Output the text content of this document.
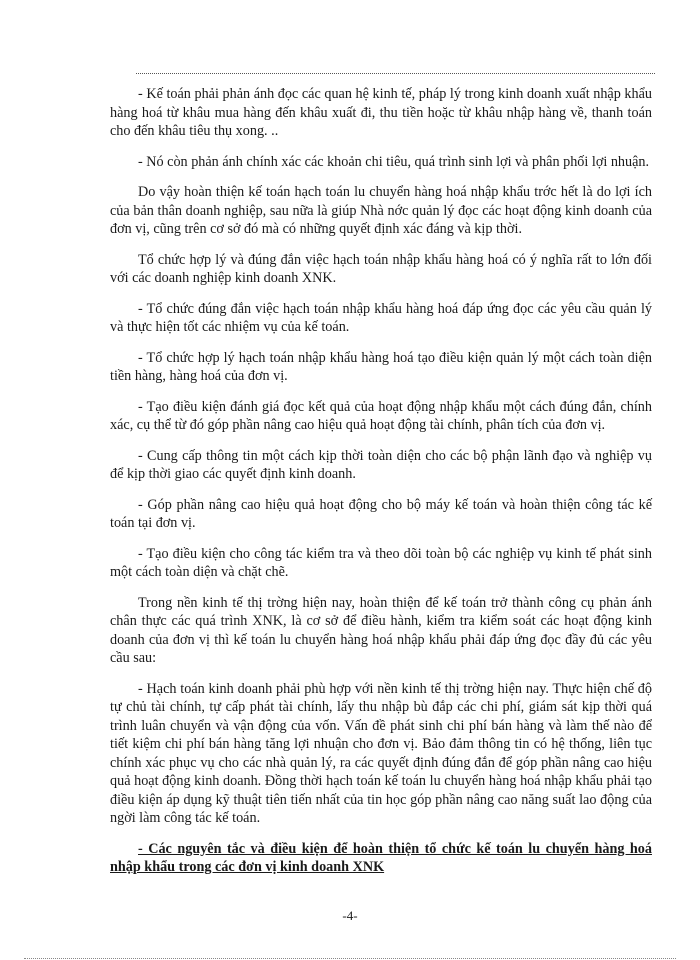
- Kế toán phải phản ánh đọc các quan hệ kinh tế, pháp lý trong kinh doanh xuất nhập khẩu hàng hoá từ khâu mua hàng đến khâu xuất đi, thu tiền hoặc từ khâu nhập hàng về, thanh toán cho đến khâu tiêu thụ xong. ..

- Nó còn phản ánh chính xác các khoản chi tiêu, quá trình sinh lợi và phân phối lợi nhuận.

Do vậy hoàn thiện kế toán hạch toán lu chuyển hàng hoá nhập khẩu trớc hết là do lợi ích của bản thân doanh nghiệp, sau nữa là giúp Nhà nớc quản lý đọc các hoạt động kinh doanh của đơn vị, cũng trên cơ sở đó mà có những quyết định xác đáng và kịp thời.

Tổ chức hợp lý và đúng đắn việc hạch toán nhập khẩu hàng hoá có ý nghĩa rất to lớn đối với các doanh nghiệp kinh doanh XNK.

- Tổ chức đúng đắn việc hạch toán nhập khẩu hàng hoá đáp ứng đọc các yêu cầu quản lý và thực hiện tốt các nhiệm vụ của kế toán.

- Tổ chức hợp lý hạch toán nhập khẩu hàng hoá tạo điều kiện quản lý một cách toàn diện tiền hàng, hàng hoá của đơn vị.

- Tạo điều kiện đánh giá đọc kết quả của hoạt động nhập khẩu một cách đúng đắn, chính xác, cụ thể từ đó góp phần nâng cao hiệu quả hoạt động tài chính, phân tích của đơn vị.

- Cung cấp thông tin một cách kịp thời toàn diện cho các bộ phận lãnh đạo và nghiệp vụ để kịp thời giao các quyết định kinh doanh.

- Góp phần nâng cao hiệu quả hoạt động cho bộ máy kế toán và hoàn thiện công tác kế toán tại đơn vị.

- Tạo điều kiện cho công tác kiểm tra và theo dõi toàn bộ các nghiệp vụ kinh tế phát sinh một cách toàn diện và chặt chẽ.

Trong nền kinh tế thị trờng hiện nay, hoàn thiện để kế toán trở thành công cụ phản ánh chân thực các quá trình XNK, là cơ sở để điều hành, kiểm tra kiểm soát các hoạt động kinh doanh của đơn vị thì kế toán lu chuyển hàng hoá nhập khẩu phải đáp ứng đọc đầy đủ các yêu cầu sau:

- Hạch toán kinh doanh phải phù hợp với nền kinh tế thị trờng hiện nay. Thực hiện chế độ tự chủ tài chính, tự cấp phát tài chính, lấy thu nhập bù đắp các chi phí, giám sát kịp thời quá trình luân chuyển và vận động của vốn. Vấn đề phát sinh chi phí bán hàng và làm thế nào để tiết kiệm chi phí bán hàng tăng lợi nhuận cho đơn vị. Bảo đảm thông tin có hệ thống, liên tục chính xác phục vụ cho các nhà quản lý, ra các quyết định đúng đắn để góp phần nâng cao hiệu quả hoạt động kinh doanh. Đồng thời hạch toán kế toán lu chuyển hàng hoá nhập khẩu phải tạo điều kiện áp dụng kỹ thuật tiên tiến nhất của tin học góp phần nâng cao năng suất lao động của ngời làm công tác kế toán.

- Các nguyên tắc và điều kiện để hoàn thiện tổ chức kế toán lu chuyển hàng hoá nhập khẩu trong các đơn vị kinh doanh XNK

-4-
